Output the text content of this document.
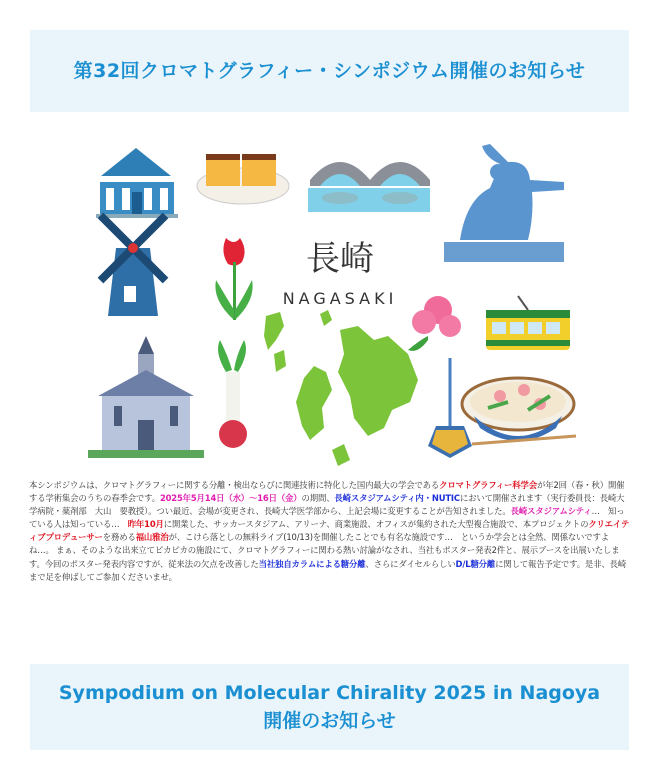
第32回クロマトグラフィー・シンポジウム開催のお知らせ
長崎
NAGASAKI
本シンポジウムは、クロマトグラフィーに関する分離・検出ならびに関連技術に特化した国内最大の学会であるクロマトグラフィー科学会が年2回（春・秋）開催する学術集会のうちの春季会です。2025年5月14日（水）〜16日（金）の期間、長崎スタジアムシティ内・NUTICにおいて開催されます（実行委員長：長崎大学病院・薬剤部　大山　要教授）。つい最近、会場が変更され、長崎大学医学部から、上記会場に変更することが告知されました。長崎スタジアムシティ…　知っている人は知っている…　昨年10月に開業した、サッカースタジアム、アリーナ、商業施設、オフィスが集約された大型複合施設で、本プロジェクトのクリエイティブプロデューサーを務める福山雅治が、こけら落としの無料ライブ(10/13)を開催したことでも有名な施設です…　というか学会とは全然、関係ないですよね…。 まぁ、そのような出来立てピカピカの施設にて、クロマトグラフィーに関わる熱い討論がなされ、当社もポスター発表2件と、展示ブースを出展いたします。今回のポスター発表内容ですが、従来法の欠点を改善した当社独自カラムによる糖分離、さらにダイセルらしいD/L糖分離に関して報告予定です。是非、長崎まで足を伸ばしてご参加くださいませ。
Sympodium on Molecular Chirality 2025 in Nagoya
開催のお知らせ
